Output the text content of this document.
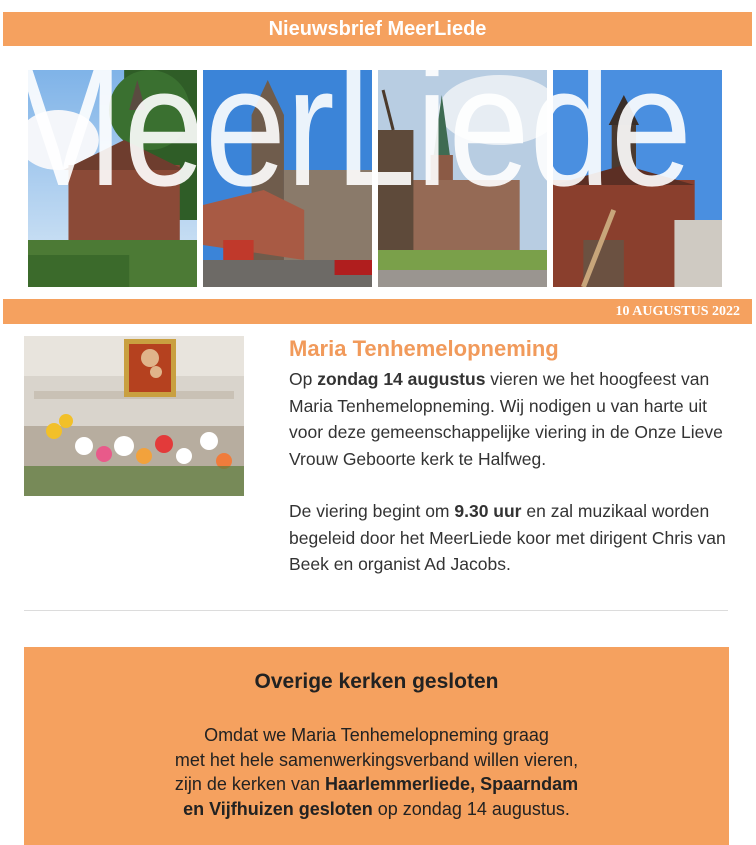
Nieuwsbrief MeerLiede
MeerLiede
10 AUGUSTUS 2022
Maria Tenhemelopneming

Op zondag 14 augustus vieren we het hoogfeest van Maria Tenhemelopneming. Wij nodigen u van harte uit voor deze gemeenschappelijke viering in de Onze Lieve Vrouw Geboorte kerk te Halfweg.

De viering begint om 9.30 uur en zal muzikaal worden begeleid door het MeerLiede koor met dirigent Chris van Beek en organist Ad Jacobs.

Overige kerken gesloten

Omdat we Maria Tenhemelopneming graag
met het hele samenwerkingsverband willen vieren,
zijn de kerken van Haarlemmerliede, Spaarndam
en Vijfhuizen gesloten op zondag 14 augustus.
